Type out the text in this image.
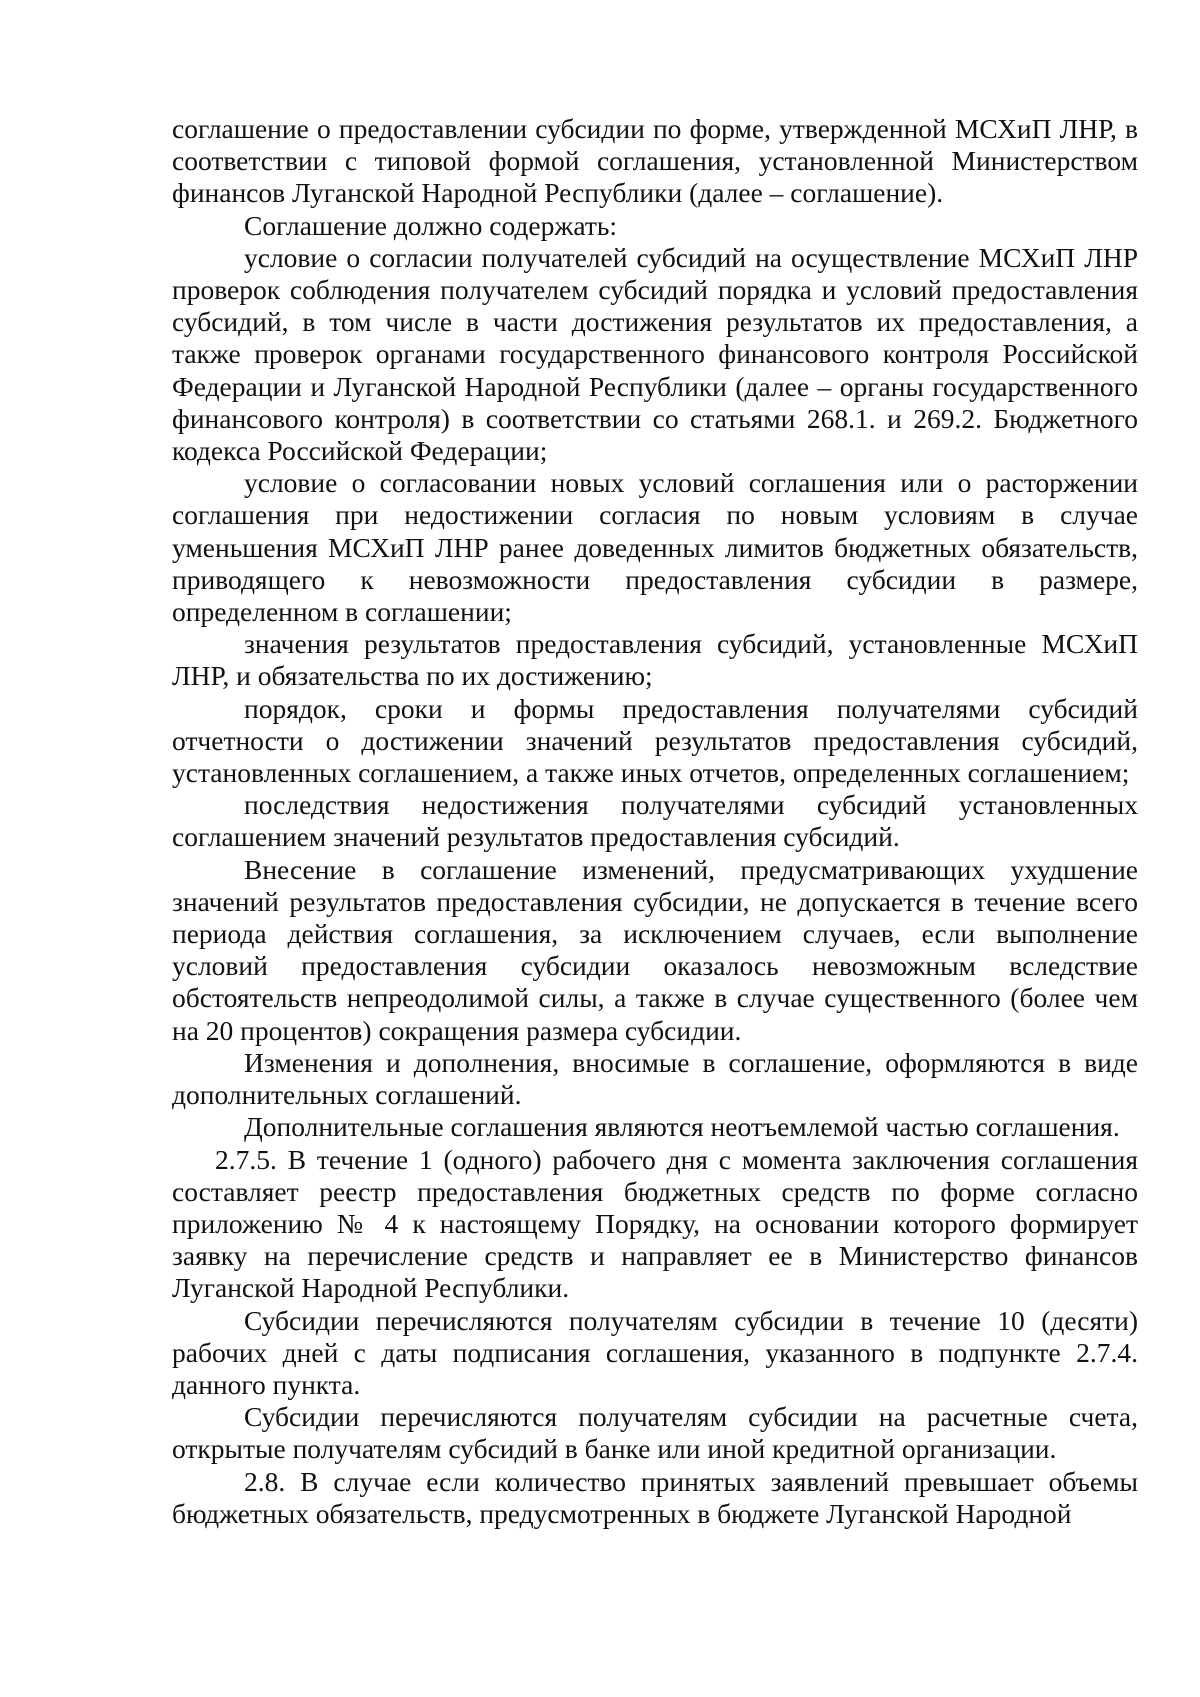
соглашение о предоставлении субсидии по форме, утвержденной МСХиП ЛНР, в соответствии с типовой формой соглашения, установленной Министерством финансов Луганской Народной Республики (далее – соглашение).

Соглашение должно содержать:

условие о согласии получателей субсидий на осуществление МСХиП ЛНР проверок соблюдения получателем субсидий порядка и условий предоставления субсидий, в том числе в части достижения результатов их предоставления, а также проверок органами государственного финансового контроля Российской Федерации и Луганской Народной Республики (далее – органы государственного финансового контроля) в соответствии со статьями 268.1. и 269.2. Бюджетного кодекса Российской Федерации;

условие о согласовании новых условий соглашения или о расторжении соглашения при недостижении согласия по новым условиям в случае уменьшения МСХиП ЛНР ранее доведенных лимитов бюджетных обязательств, приводящего к невозможности предоставления субсидии в размере, определенном в соглашении;

значения результатов предоставления субсидий, установленные МСХиП ЛНР, и обязательства по их достижению;

порядок, сроки и формы предоставления получателями субсидий отчетности о достижении значений результатов предоставления субсидий, установленных соглашением, а также иных отчетов, определенных соглашением;

последствия недостижения получателями субсидий установленных соглашением значений результатов предоставления субсидий.

Внесение в соглашение изменений, предусматривающих ухудшение значений результатов предоставления субсидии, не допускается в течение всего периода действия соглашения, за исключением случаев, если выполнение условий предоставления субсидии оказалось невозможным вследствие обстоятельств непреодолимой силы, а также в случае существенного (более чем на 20 процентов) сокращения размера субсидии.

Изменения и дополнения, вносимые в соглашение, оформляются в виде дополнительных соглашений.

Дополнительные соглашения являются неотъемлемой частью соглашения.

2.7.5. В течение 1 (одного) рабочего дня с момента заключения соглашения составляет реестр предоставления бюджетных средств по форме согласно приложению № 4 к настоящему Порядку, на основании которого формирует заявку на перечисление средств и направляет ее в Министерство финансов Луганской Народной Республики.

Субсидии перечисляются получателям субсидии в течение 10 (десяти) рабочих дней с даты подписания соглашения, указанного в подпункте 2.7.4. данного пункта.

Субсидии перечисляются получателям субсидии на расчетные счета, открытые получателям субсидий в банке или иной кредитной организации.

2.8. В случае если количество принятых заявлений превышает объемы бюджетных обязательств, предусмотренных в бюджете Луганской Народной
